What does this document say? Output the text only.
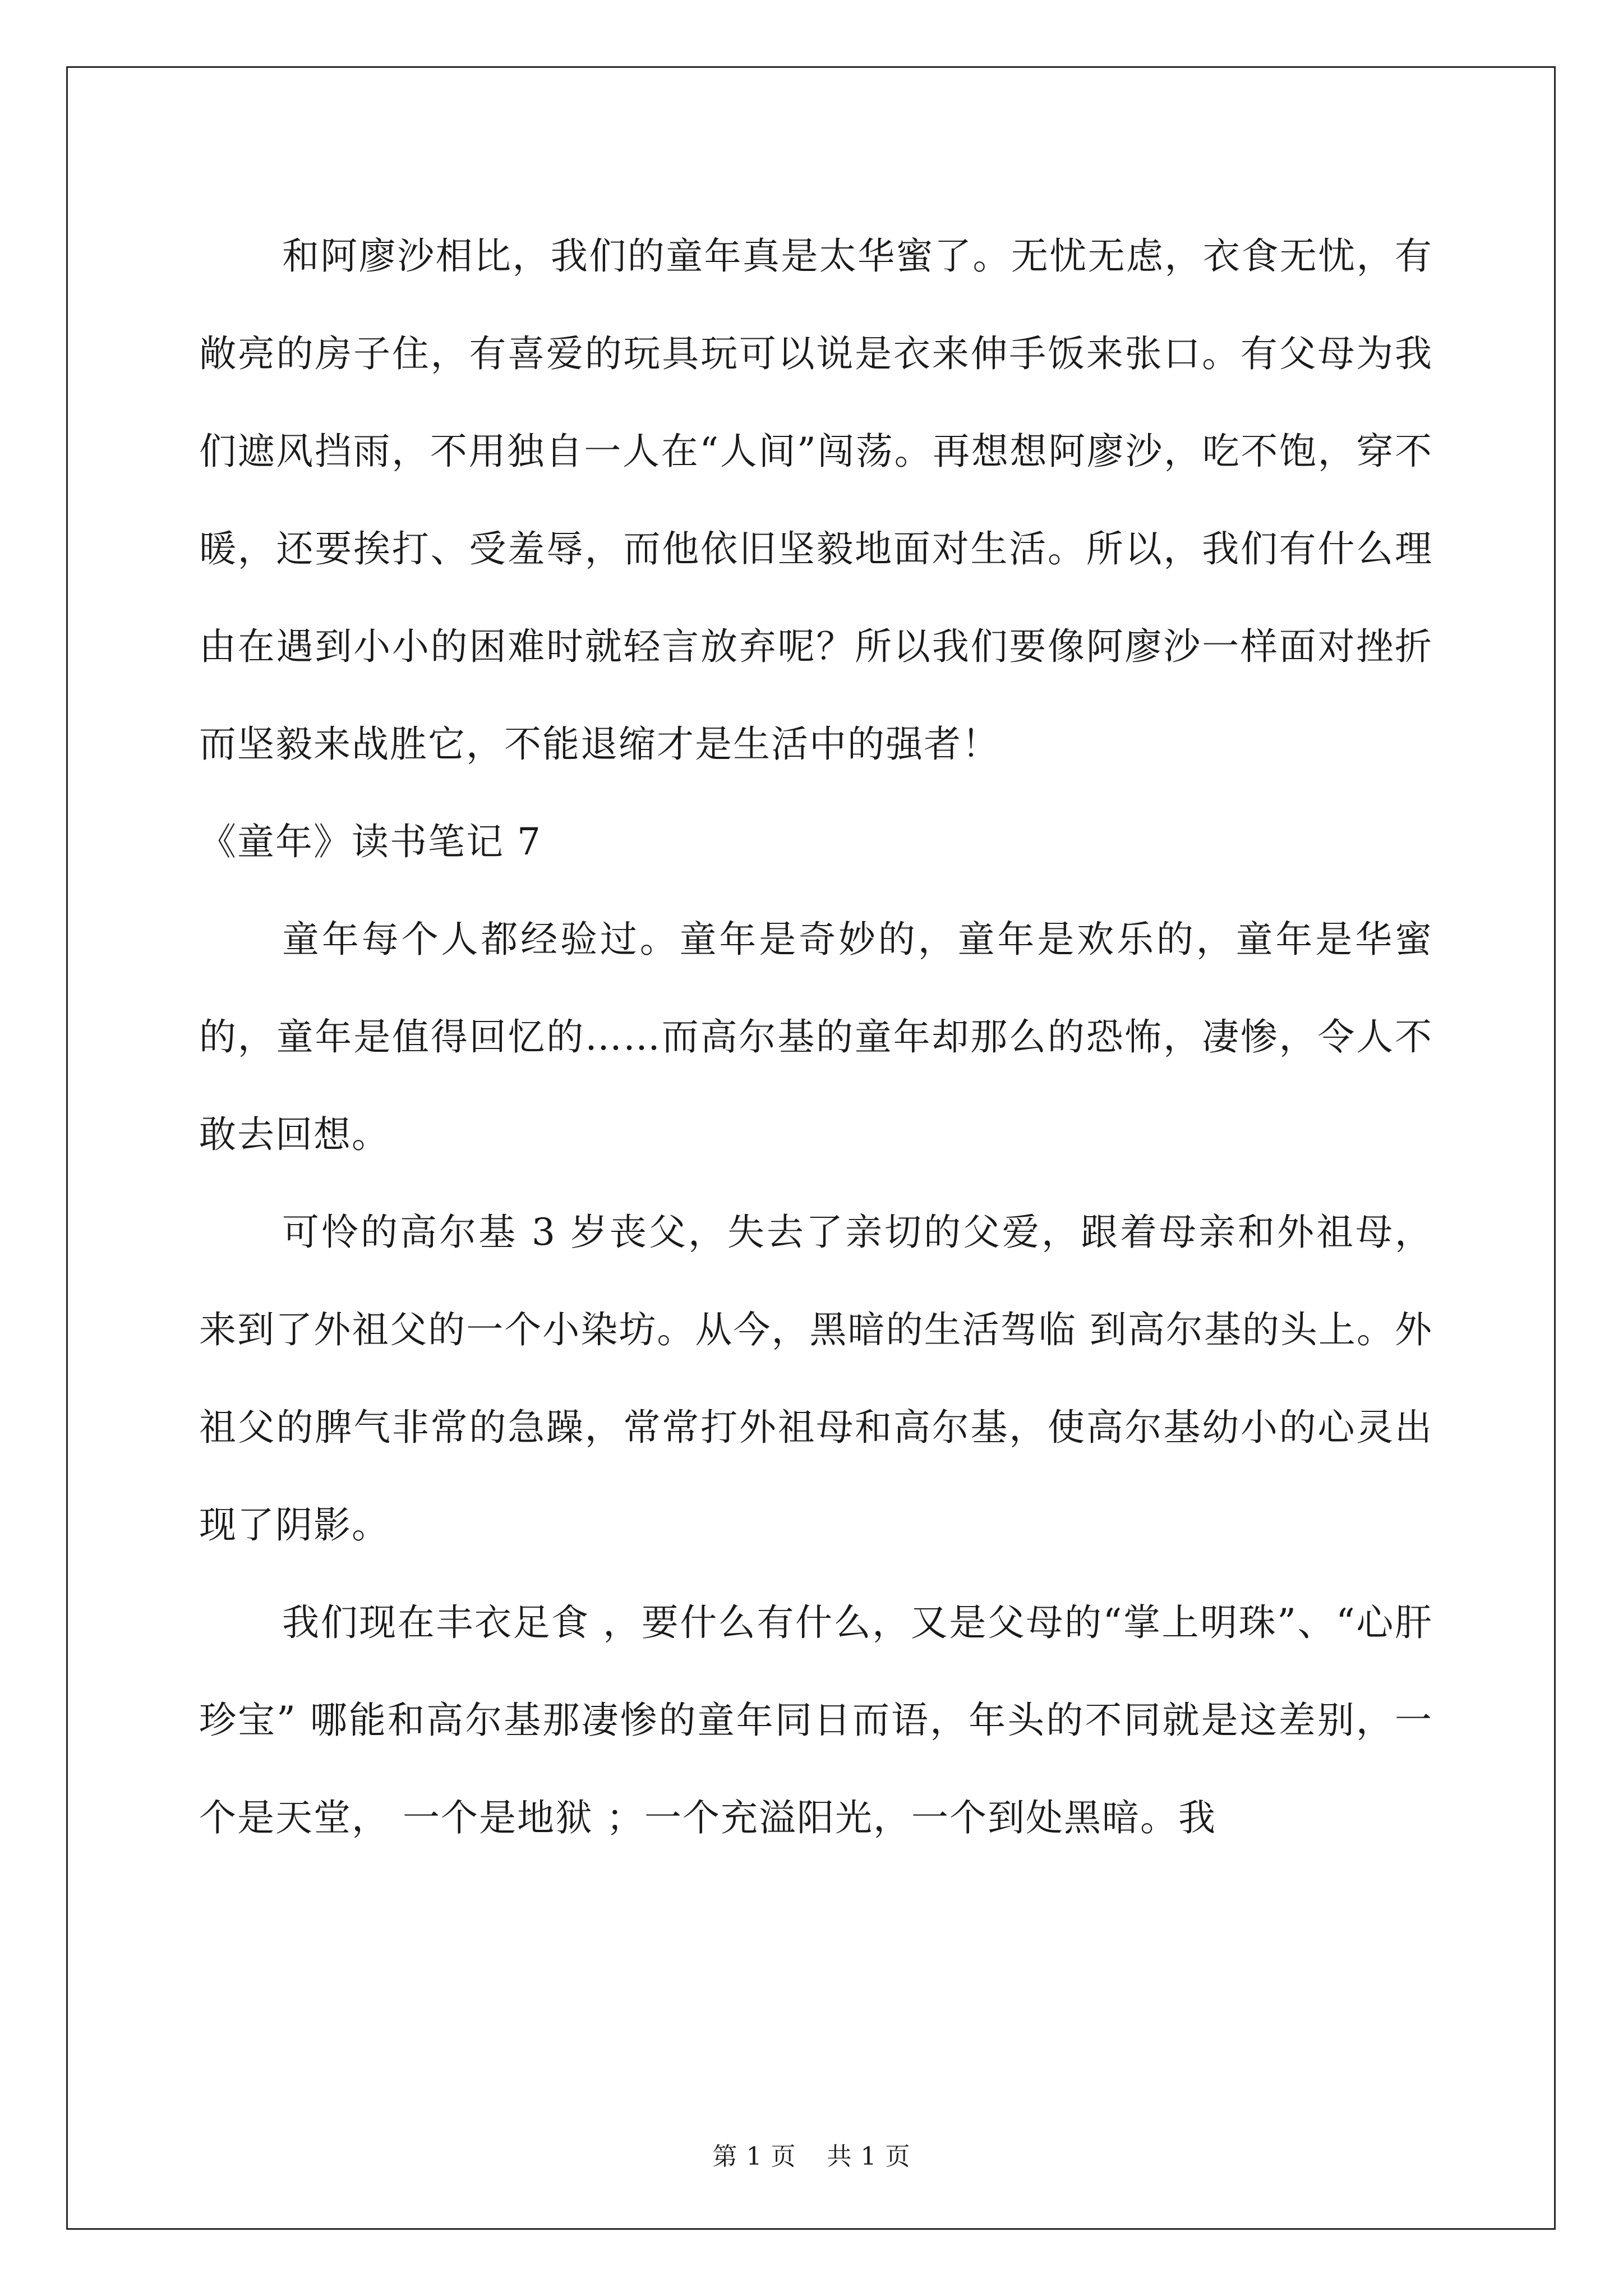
和阿廖沙相比，我们的童年真是太华蜜了。无忧无虑，衣食无忧，有敞亮的房子住，有喜爱的玩具玩可以说是衣来伸手饭来张口。有父母为我们遮风挡雨，不用独自一人在“人间”闯荡。再想想阿廖沙，吃不饱，穿不暖，还要挨打、受羞辱，而他依旧坚毅地面对生活。所以，我们有什么理由在遇到小小的困难时就轻言放弃呢？所以我们要像阿廖沙一样面对挫折而坚毅来战胜它，不能退缩才是生活中的强者！

《童年》读书笔记 7

童年每个人都经验过。童年是奇妙的，童年是欢乐的，童年是华蜜的，童年是值得回忆的……而高尔基的童年却那么的恐怖，凄惨，令人不敢去回想。

可怜的高尔基 3 岁丧父，失去了亲切的父爱，跟着母亲和外祖母，来到了外祖父的一个小染坊。从今，黑暗的生活驾临 到高尔基的头上。外祖父的脾气非常的急躁，常常打外祖母和高尔基，使高尔基幼小的心灵出现了阴影。

我们现在丰衣足食 ，要什么有什么，又是父母的“掌上明珠”、“心肝珍宝” 哪能和高尔基那凄惨的童年同日而语，年头的不同就是这差别，一个是天堂， 一个是地狱 ；一个充溢阳光，一个到处黑暗。我

第 1 页 共 1 页
